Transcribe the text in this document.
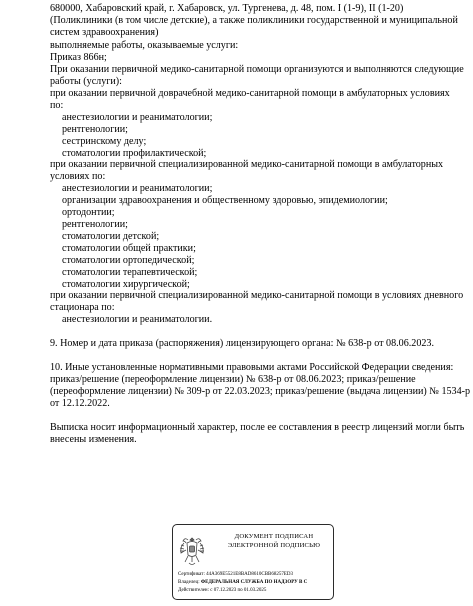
680000, Хабаровский край, г. Хабаровск, ул. Тургенева, д. 48, пом. I (1-9), II (1-20)

(Поликлиники (в том числе детские), а также поликлиники государственной и муниципальной

систем здравоохранения)

выполняемые работы, оказываемые услуги:

Приказ 866н;

При оказании первичной медико-санитарной помощи организуются и выполняются следующие

работы (услуги):

при оказании первичной доврачебной медико-санитарной помощи в амбулаторных условиях

по:

анестезиологии и реаниматологии;

рентгенологии;

сестринскому делу;

стоматологии профилактической;

при оказании первичной специализированной медико-санитарной помощи в амбулаторных

условиях по:

анестезиологии и реаниматологии;

организации здравоохранения и общественному здоровью, эпидемиологии;

ортодонтии;

рентгенологии;

стоматологии детской;

стоматологии общей практики;

стоматологии ортопедической;

стоматологии терапевтической;

стоматологии хирургической;

при оказании первичной специализированной медико-санитарной помощи в условиях дневного

стационара по:

анестезиологии и реаниматологии.

9. Номер и дата приказа (распоряжения) лицензирующего органа: № 638-р от 08.06.2023.

10. Иные установленные нормативными правовыми актами Российской Федерации сведения:

приказ/решение (переоформление лицензии) № 638-р от 08.06.2023; приказ/решение

(переоформление лицензии) № 309-р от 22.03.2023; приказ/решение (выдача лицензии) № 1534-р

от 12.12.2022.

Выписка носит информационный характер, после ее составления в реестр лицензий могли быть

внесены изменения.

ДОКУМЕНТ ПОДПИСАН
ЭЛЕКТРОННОЙ ПОДПИСЬЮ
Сертификат: 44A369E5521E8BAD8610CBB68257ED3
Владелец: ФЕДЕРАЛЬНАЯ СЛУЖБА ПО НАДЗОРУ В С
Действителен: с 07.12.2023 по 01.03.2025
